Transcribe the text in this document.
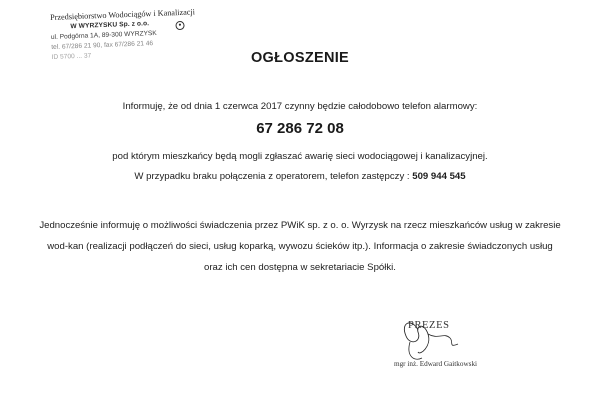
Przedsiębiorstwo Wodociągów i Kanalizacji
●
W WYRZYSKU Sp. z o.o.
ul. Podgórna 1A, 89-300 WYRZYSK
tel. 67/286 21 90, fax 67/286 21 46
ID 5700 ... 37	OGŁOSZENIE
Informuję, że od dnia 1 czerwca 2017 czynny będzie całodobowo telefon alarmowy:
67 286 72 08
pod którym mieszkańcy będą mogli zgłaszać awarię sieci wodociągowej i kanalizacyjnej.
W przypadku braku połączenia z operatorem, telefon zastępczy : 509 944 545
Jednocześnie informuję o możliwości świadczenia przez PWiK sp. z o. o. Wyrzysk na rzecz mieszkańców usług w zakresie
wod-kan (realizacji podłączeń do sieci, usług koparką, wywozu ścieków itp.). Informacja o zakresie świadczonych usług
oraz ich cen dostępna w sekretariacie Spółki.
PREZES
mgr inż. Edward Gaitkowski
